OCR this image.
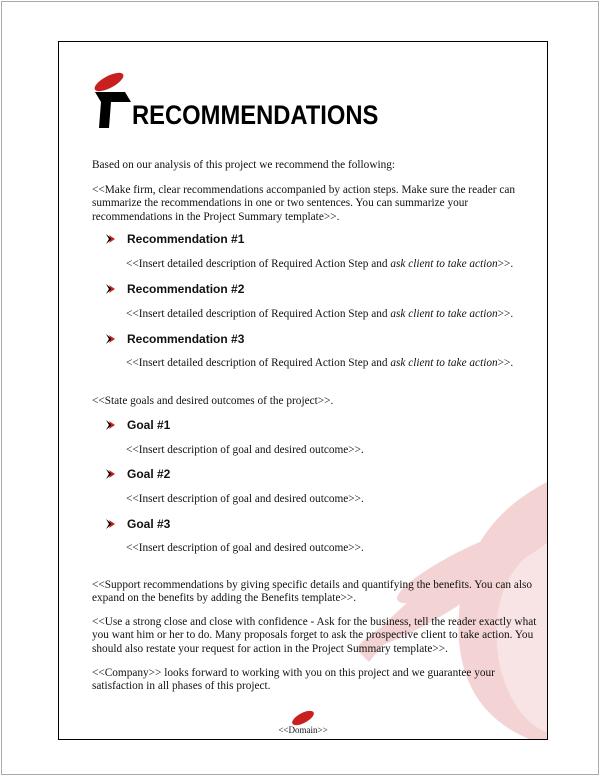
RECOMMENDATIONS
Based on our analysis of this project we recommend the following:
<<Make firm, clear recommendations accompanied by action steps. Make sure the reader can summarize the recommendations in one or two sentences. You can summarize your recommendations in the Project Summary template>>.
Recommendation #1
<<Insert detailed description of Required Action Step and ask client to take action>>.
Recommendation #2
<<Insert detailed description of Required Action Step and ask client to take action>>.
Recommendation #3
<<Insert detailed description of Required Action Step and ask client to take action>>.
<<State goals and desired outcomes of the project>>.
Goal #1
<<Insert description of goal and desired outcome>>.
Goal #2
<<Insert description of goal and desired outcome>>.
Goal #3
<<Insert description of goal and desired outcome>>.
<<Support recommendations by giving specific details and quantifying the benefits. You can also expand on the benefits by adding the Benefits template>>.
<<Use a strong close and close with confidence - Ask for the business, tell the reader exactly what you want him or her to do. Many proposals forget to ask the prospective client to take action. You should also restate your request for action in the Project Summary template>>.
<<Company>> looks forward to working with you on this project and we guarantee your satisfaction in all phases of this project.
<<Domain>>
